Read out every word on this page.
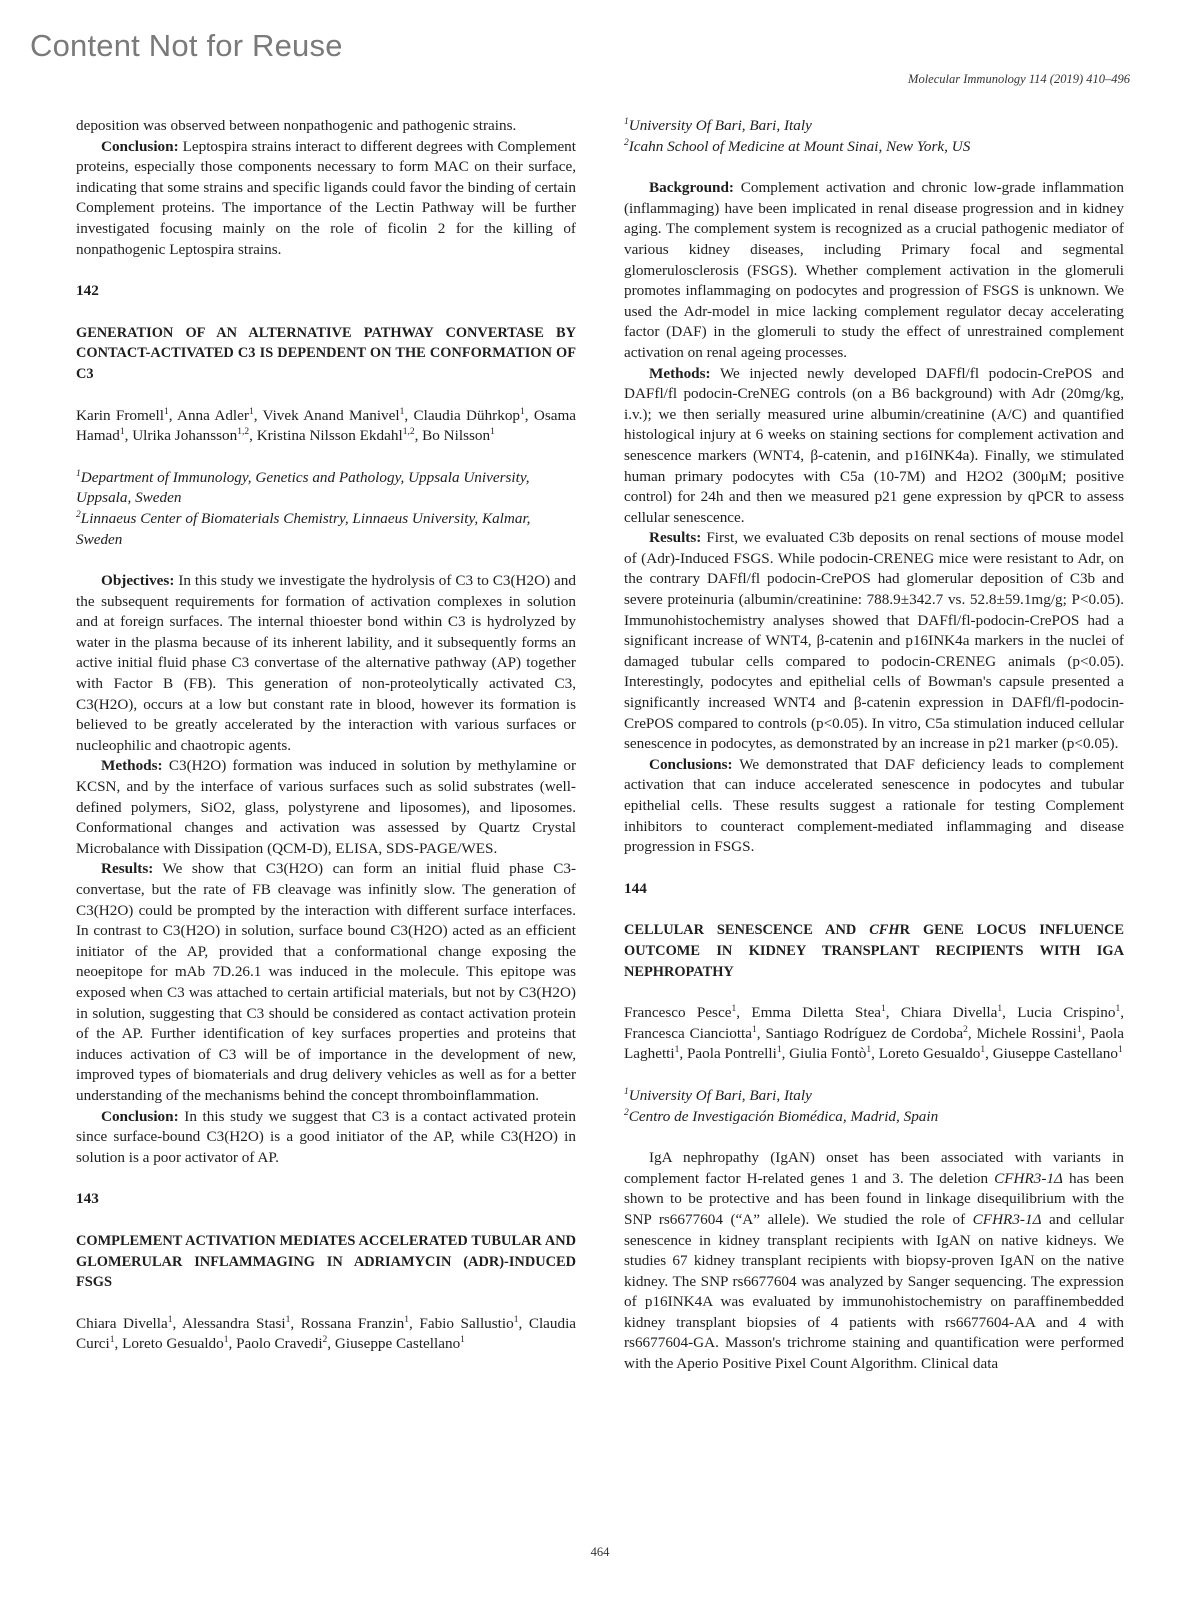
Content Not for Reuse
Molecular Immunology 114 (2019) 410–496

deposition was observed between nonpathogenic and pathogenic strains.

Conclusion: Leptospira strains interact to different degrees with Complement proteins, especially those components necessary to form MAC on their surface, indicating that some strains and specific ligands could favor the binding of certain Complement proteins. The importance of the Lectin Pathway will be further investigated focusing mainly on the role of ficolin 2 for the killing of nonpathogenic Leptospira strains.

142

GENERATION OF AN ALTERNATIVE PATHWAY CONVERTASE BY CONTACT-ACTIVATED C3 IS DEPENDENT ON THE CONFORMATION OF C3

Karin Fromell$^1$, Anna Adler$^1$, Vivek Anand Manivel$^1$, Claudia Dührkop$^1$, Osama Hamad$^1$, Ulrika Johansson$^{1,2}$, Kristina Nilsson Ekdahl$^{1,2}$, Bo Nilsson$^1$

$^1$Department of Immunology, Genetics and Pathology, Uppsala University, Uppsala, Sweden

$^2$Linnaeus Center of Biomaterials Chemistry, Linnaeus University, Kalmar, Sweden

Objectives: In this study we investigate the hydrolysis of C3 to C3(H2O) and the subsequent requirements for formation of activation complexes in solution and at foreign surfaces. The internal thioester bond within C3 is hydrolyzed by water in the plasma because of its inherent lability, and it subsequently forms an active initial fluid phase C3 convertase of the alternative pathway (AP) together with Factor B (FB). This generation of non-proteolytically activated C3, C3(H2O), occurs at a low but constant rate in blood, however its formation is believed to be greatly accelerated by the interaction with various surfaces or nucleophilic and chaotropic agents.

Methods: C3(H2O) formation was induced in solution by methylamine or KCSN, and by the interface of various surfaces such as solid substrates (well-defined polymers, SiO2, glass, polystyrene and liposomes), and liposomes. Conformational changes and activation was assessed by Quartz Crystal Microbalance with Dissipation (QCM-D), ELISA, SDS-PAGE/WES.

Results: We show that C3(H2O) can form an initial fluid phase C3-convertase, but the rate of FB cleavage was infinitly slow. The generation of C3(H2O) could be prompted by the interaction with different surface interfaces. In contrast to C3(H2O) in solution, surface bound C3(H2O) acted as an efficient initiator of the AP, provided that a conformational change exposing the neoepitope for mAb 7D.26.1 was induced in the molecule. This epitope was exposed when C3 was attached to certain artificial materials, but not by C3(H2O) in solution, suggesting that C3 should be considered as contact activation protein of the AP. Further identification of key surfaces properties and proteins that induces activation of C3 will be of importance in the development of new, improved types of biomaterials and drug delivery vehicles as well as for a better understanding of the mechanisms behind the concept thromboinflammation.

Conclusion: In this study we suggest that C3 is a contact activated protein since surface-bound C3(H2O) is a good initiator of the AP, while C3(H2O) in solution is a poor activator of AP.

143

COMPLEMENT ACTIVATION MEDIATES ACCELERATED TUBULAR AND GLOMERULAR INFLAMMAGING IN ADRIAMYCIN (ADR)-INDUCED FSGS

Chiara Divella$^1$, Alessandra Stasi$^1$, Rossana Franzin$^1$, Fabio Sallustio$^1$, Claudia Curci$^1$, Loreto Gesualdo$^1$, Paolo Cravedi$^2$, Giuseppe Castellano$^1$

$^1$University Of Bari, Bari, Italy

$^2$Icahn School of Medicine at Mount Sinai, New York, US

Background: Complement activation and chronic low-grade inflammation (inflammaging) have been implicated in renal disease progression and in kidney aging. The complement system is recognized as a crucial pathogenic mediator of various kidney diseases, including Primary focal and segmental glomerulosclerosis (FSGS). Whether complement activation in the glomeruli promotes inflammaging on podocytes and progression of FSGS is unknown. We used the Adr-model in mice lacking complement regulator decay accelerating factor (DAF) in the glomeruli to study the effect of unrestrained complement activation on renal ageing processes.

Methods: We injected newly developed DAFfl/fl podocin-CrePOS and DAFfl/fl podocin-CreNEG controls (on a B6 background) with Adr (20mg/kg, i.v.); we then serially measured urine albumin/creatinine (A/C) and quantified histological injury at 6 weeks on staining sections for complement activation and senescence markers (WNT4, β-catenin, and p16INK4a). Finally, we stimulated human primary podocytes with C5a (10-7M) and H2O2 (300μM; positive control) for 24h and then we measured p21 gene expression by qPCR to assess cellular senescence.

Results: First, we evaluated C3b deposits on renal sections of mouse model of (Adr)-Induced FSGS. While podocin-CRENEG mice were resistant to Adr, on the contrary DAFfl/fl podocin-CrePOS had glomerular deposition of C3b and severe proteinuria (albumin/creatinine: 788.9±342.7 vs. 52.8±59.1mg/g; P<0.05). Immunohistochemistry analyses showed that DAFfl/fl-podocin-CrePOS had a significant increase of WNT4, β-catenin and p16INK4a markers in the nuclei of damaged tubular cells compared to podocin-CRENEG animals (p<0.05). Interestingly, podocytes and epithelial cells of Bowman's capsule presented a significantly increased WNT4 and β-catenin expression in DAFfl/fl-podocin-CrePOS compared to controls (p<0.05). In vitro, C5a stimulation induced cellular senescence in podocytes, as demonstrated by an increase in p21 marker (p<0.05).

Conclusions: We demonstrated that DAF deficiency leads to complement activation that can induce accelerated senescence in podocytes and tubular epithelial cells. These results suggest a rationale for testing Complement inhibitors to counteract complement-mediated inflammaging and disease progression in FSGS.

144

CELLULAR SENESCENCE AND CFHR GENE LOCUS INFLUENCE OUTCOME IN KIDNEY TRANSPLANT RECIPIENTS WITH IGA NEPHROPATHY

Francesco Pesce$^1$, Emma Diletta Stea$^1$, Chiara Divella$^1$, Lucia Crispino$^1$, Francesca Cianciotta$^1$, Santiago Rodríguez de Cordoba$^2$, Michele Rossini$^1$, Paola Laghetti$^1$, Paola Pontrelli$^1$, Giulia Fontò$^1$, Loreto Gesualdo$^1$, Giuseppe Castellano$^1$

$^1$University Of Bari, Bari, Italy

$^2$Centro de Investigación Biomédica, Madrid, Spain

IgA nephropathy (IgAN) onset has been associated with variants in complement factor H-related genes 1 and 3. The deletion CFHR3-1Δ has been shown to be protective and has been found in linkage disequilibrium with the SNP rs6677604 (“A” allele). We studied the role of CFHR3-1Δ and cellular senescence in kidney transplant recipients with IgAN on native kidneys. We studies 67 kidney transplant recipients with biopsy-proven IgAN on the native kidney. The SNP rs6677604 was analyzed by Sanger sequencing. The expression of p16INK4A was evaluated by immunohistochemistry on paraffinembedded kidney transplant biopsies of 4 patients with rs6677604-AA and 4 with rs6677604-GA. Masson's trichrome staining and quantification were performed with the Aperio Positive Pixel Count Algorithm. Clinical data

464
